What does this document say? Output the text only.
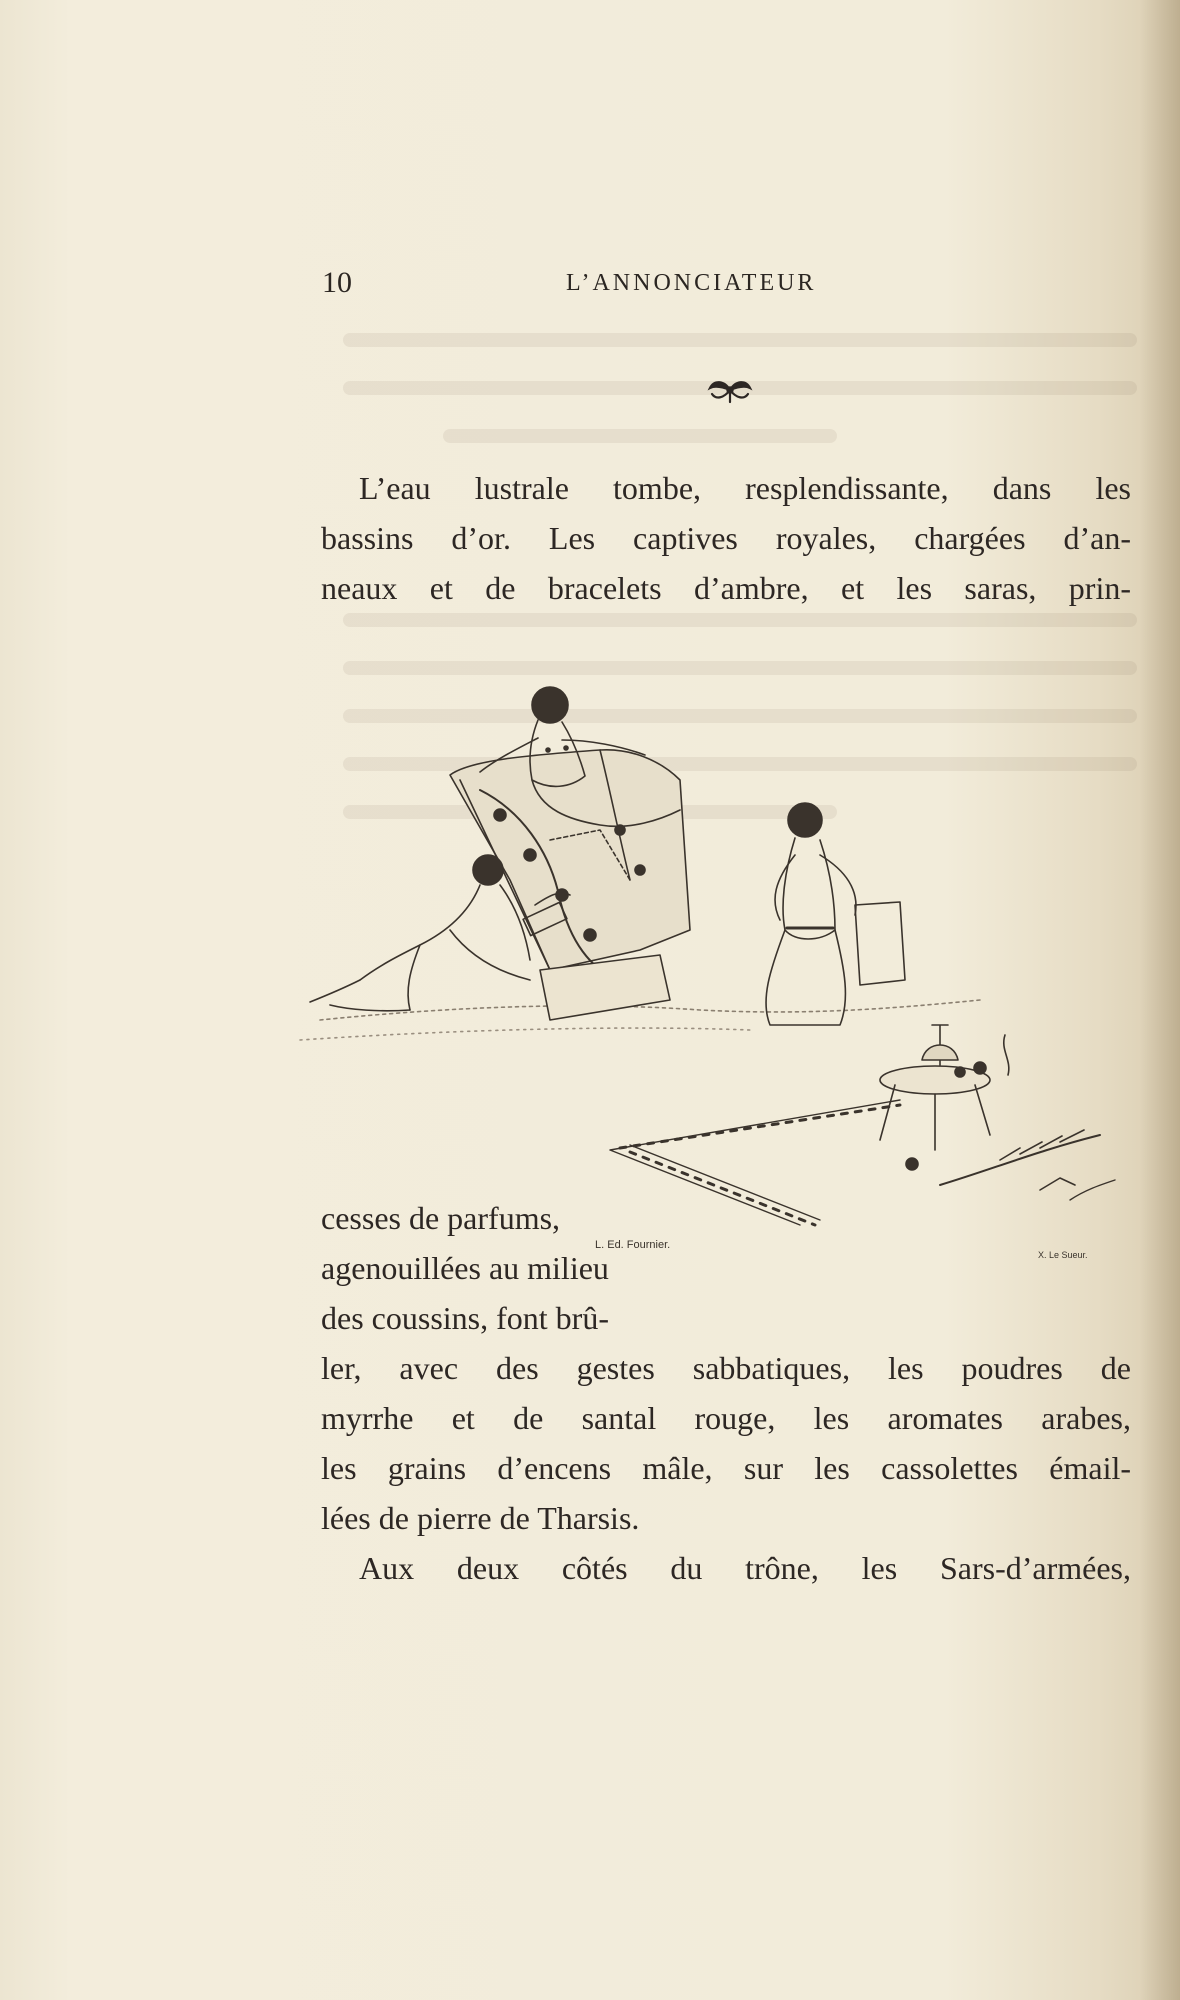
10	L’ANNONCIATEUR
L’eau lustrale tombe, resplendissante, dans les
bassins d’or. Les captives royales, chargées d’an-
neaux et de bracelets d’ambre, et les saras, prin-
L. Ed. Fournier.
X. Le Sueur.
cesses de parfums,
agenouillées au milieu
des coussins, font brû-
ler, avec des gestes sabbatiques, les poudres de
myrrhe et de santal rouge, les aromates arabes,
les grains d’encens mâle, sur les cassolettes émail-
lées de pierre de Tharsis.
Aux deux côtés du trône, les Sars-d’armées,
